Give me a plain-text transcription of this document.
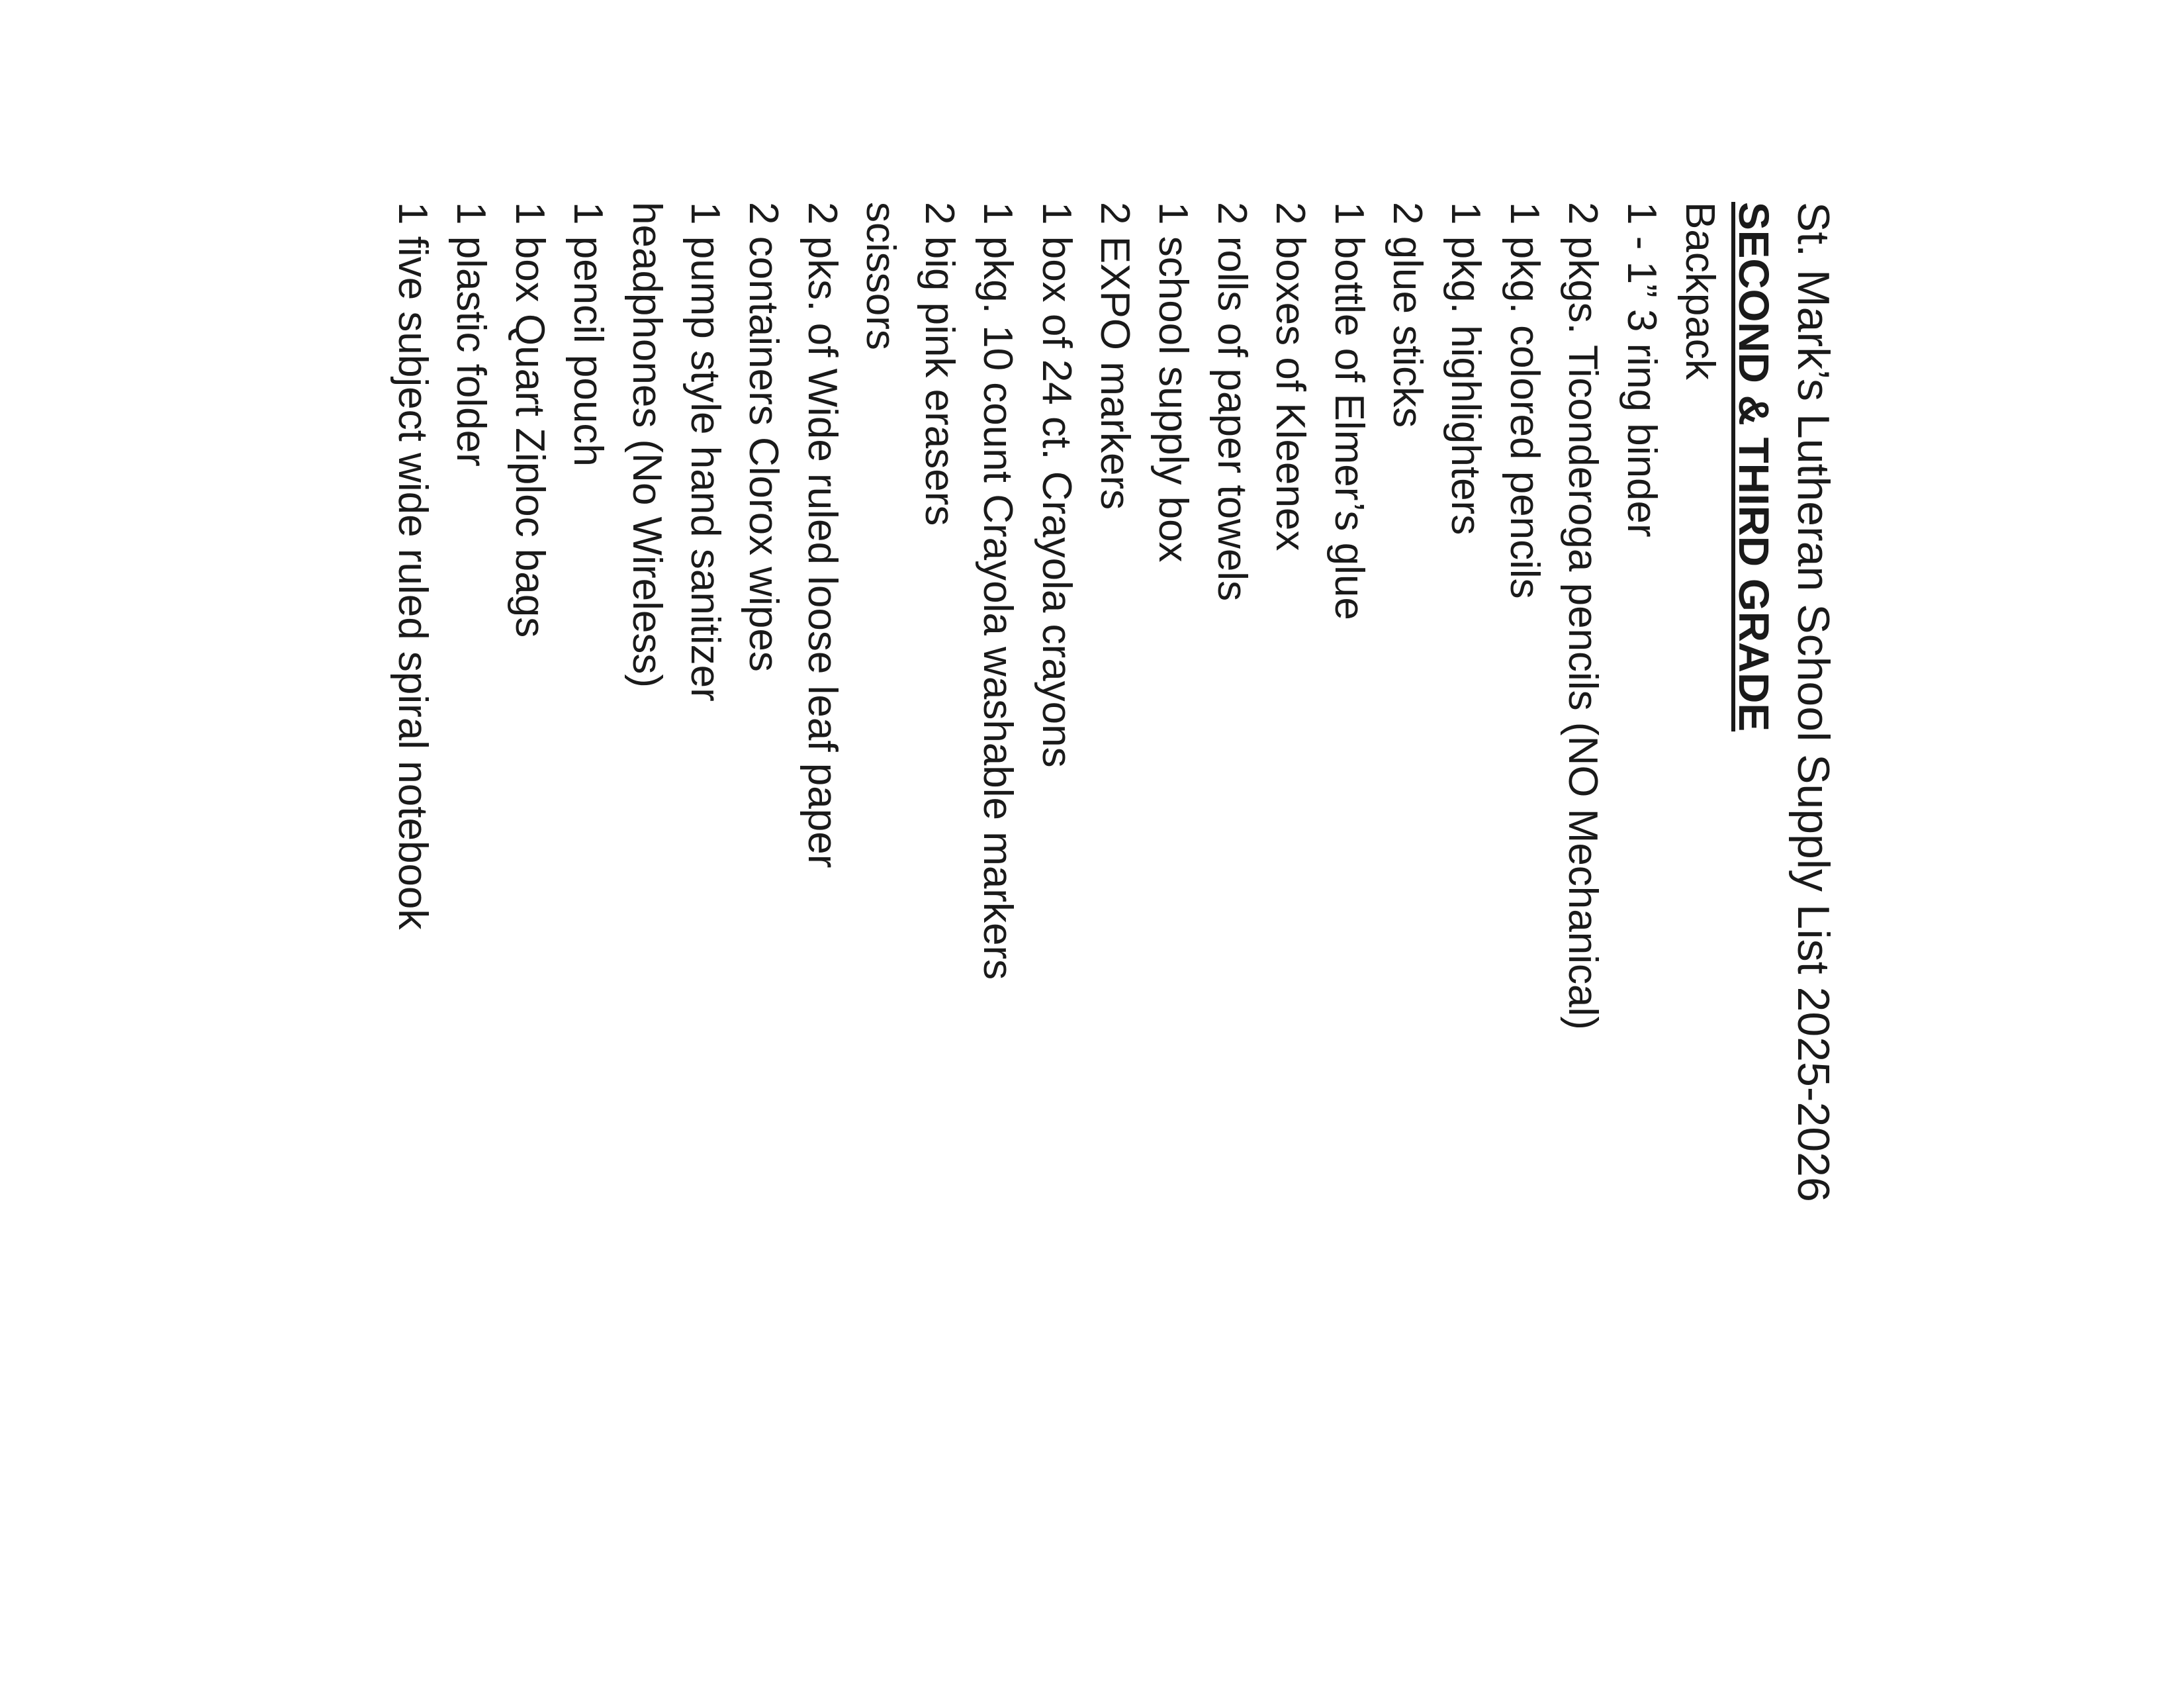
St. Mark’s Lutheran School Supply List 2025-2026
SECOND & THIRD GRADE
Backpack
1 - 1” 3 ring binder
2 pkgs. Ticonderoga pencils (NO Mechanical)
1 pkg. colored pencils
1 pkg. highlighters
2 glue sticks
1 bottle of Elmer’s glue
2 boxes of Kleenex
2 rolls of paper towels
1 school supply box
2 EXPO markers
1 box of 24 ct. Crayola crayons
1 pkg. 10 count Crayola washable markers
2 big pink erasers
scissors
2 pks. of Wide ruled loose leaf paper
2 containers Clorox wipes
1 pump style hand sanitizer
headphones (No Wireless)
1 pencil pouch
1 box Quart Ziploc bags
1 plastic folder
1 five subject wide ruled spiral notebook
